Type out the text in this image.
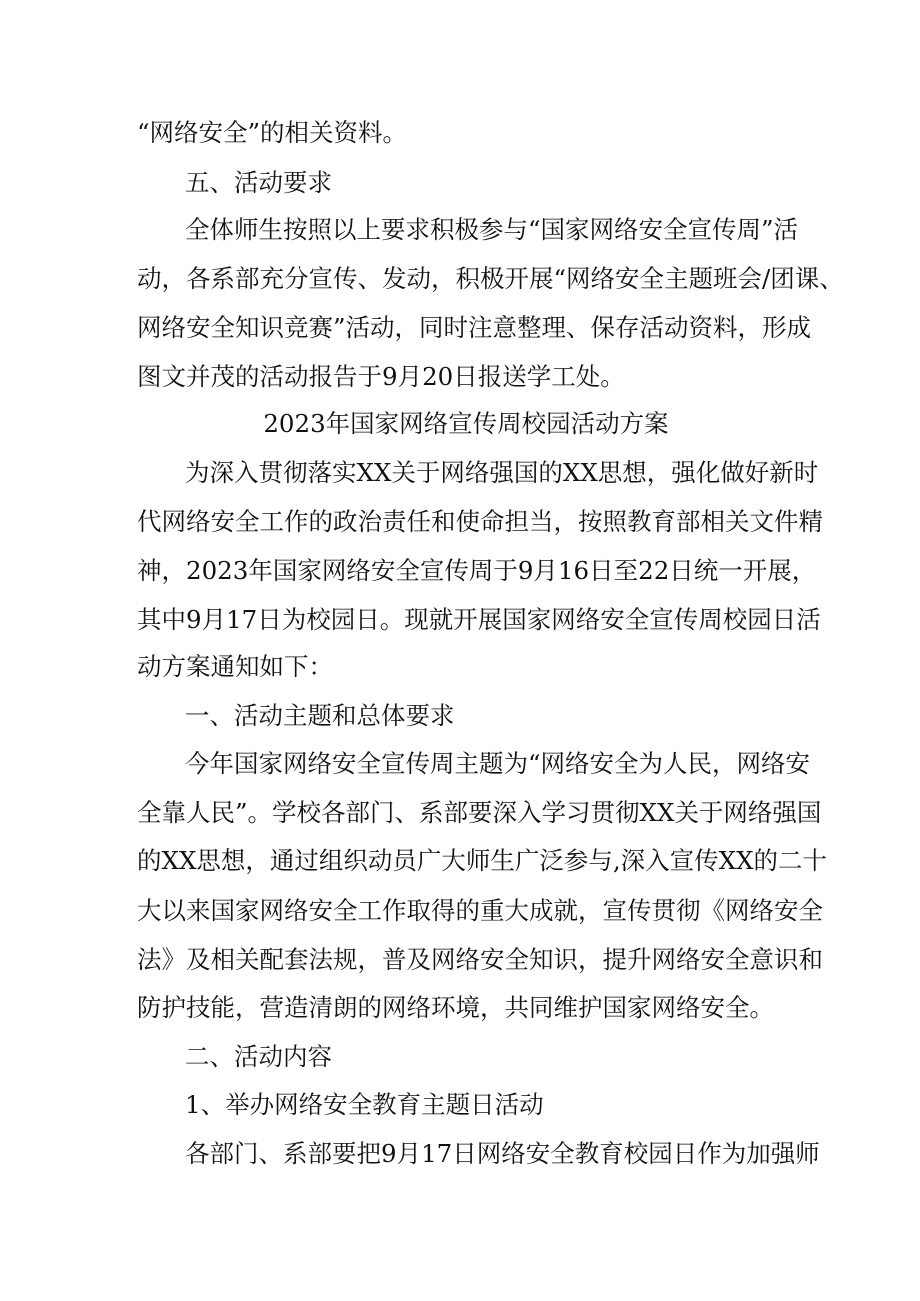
“网络安全”的相关资料。
五、活动要求
全体师生按照以上要求积极参与“国家网络安全宣传周”活
动，各系部充分宣传、发动，积极开展“网络安全主题班会/团课、
网络安全知识竞赛”活动，同时注意整理、保存活动资料，形成
图文并茂的活动报告于9月20日报送学工处。
2023年国家网络宣传周校园活动方案
为深入贯彻落实XX关于网络强国的XX思想，强化做好新时
代网络安全工作的政治责任和使命担当，按照教育部相关文件精
神，2023年国家网络安全宣传周于9月16日至22日统一开展，
其中9月17日为校园日。现就开展国家网络安全宣传周校园日活
动方案通知如下：
一、活动主题和总体要求
今年国家网络安全宣传周主题为“网络安全为人民，网络安
全靠人民”。学校各部门、系部要深入学习贯彻XX关于网络强国
的XX思想，通过组织动员广大师生广泛参与,深入宣传XX的二十
大以来国家网络安全工作取得的重大成就，宣传贯彻《网络安全
法》及相关配套法规，普及网络安全知识，提升网络安全意识和
防护技能，营造清朗的网络环境，共同维护国家网络安全。
二、活动内容
1、举办网络安全教育主题日活动
各部门、系部要把9月17日网络安全教育校园日作为加强师
